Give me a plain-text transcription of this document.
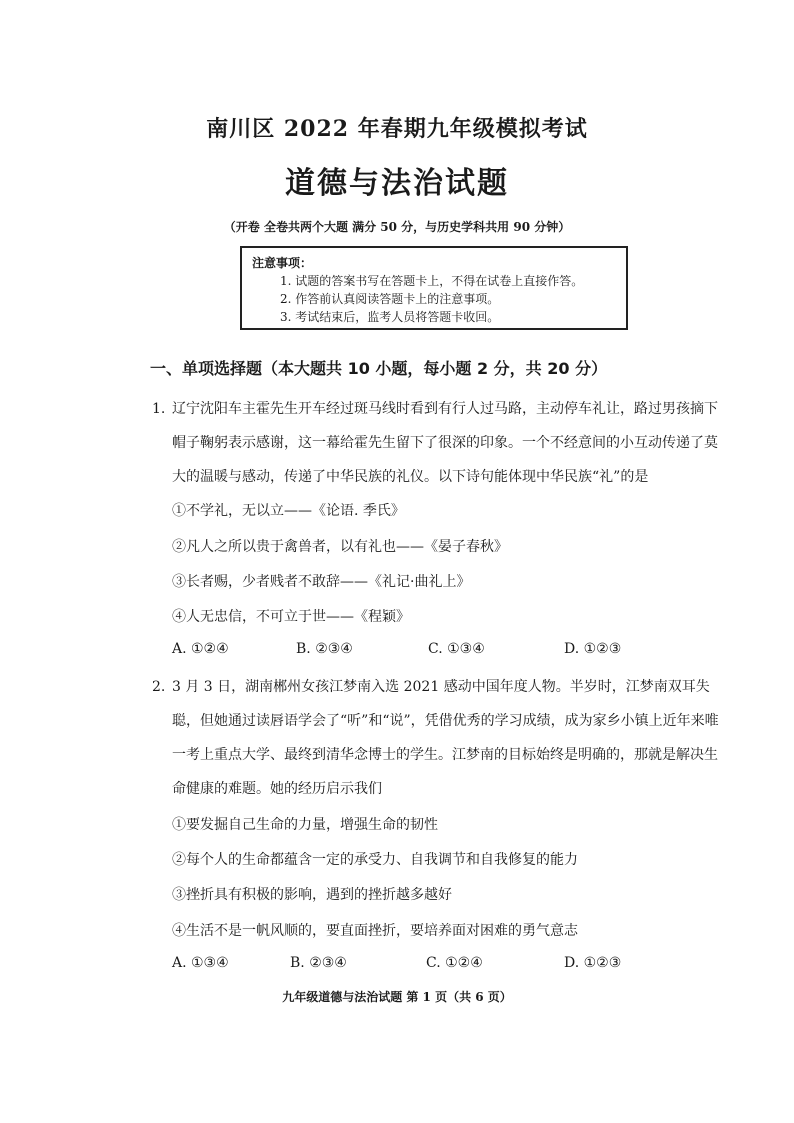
南川区 2022 年春期九年级模拟考试
道德与法治试题
（开卷 全卷共两个大题 满分 50 分，与历史学科共用 90 分钟）
注意事项：
1. 试题的答案书写在答题卡上，不得在试卷上直接作答。
2. 作答前认真阅读答题卡上的注意事项。
3. 考试结束后，监考人员将答题卡收回。
一、单项选择题（本大题共 10 小题，每小题 2 分，共 20 分）
1. 辽宁沈阳车主霍先生开车经过斑马线时看到有行人过马路，主动停车礼让，路过男孩摘下帽子鞠躬表示感谢，这一幕给霍先生留下了很深的印象。一个不经意间的小互动传递了莫大的温暖与感动，传递了中华民族的礼仪。以下诗句能体现中华民族“礼”的是
①不学礼，无以立——《论语. 季氏》
②凡人之所以贵于禽兽者，以有礼也——《晏子春秋》
③长者赐，少者贱者不敢辞——《礼记·曲礼上》
④人无忠信，不可立于世——《程颖》
A. ①②④	B. ②③④	C. ①③④	D. ①②③
2. 3 月 3 日，湖南郴州女孩江梦南入选 2021 感动中国年度人物。半岁时，江梦南双耳失聪，但她通过读唇语学会了“听”和“说”，凭借优秀的学习成绩，成为家乡小镇上近年来唯一考上重点大学、最终到清华念博士的学生。江梦南的目标始终是明确的，那就是解决生命健康的难题。她的经历启示我们
①要发掘自己生命的力量，增强生命的韧性
②每个人的生命都蕴含一定的承受力、自我调节和自我修复的能力
③挫折具有积极的影响，遇到的挫折越多越好
④生活不是一帆风顺的，要直面挫折，要培养面对困难的勇气意志
A. ①③④	B. ②③④	C. ①②④	D. ①②③
九年级道德与法治试题 第 1 页（共 6 页）
